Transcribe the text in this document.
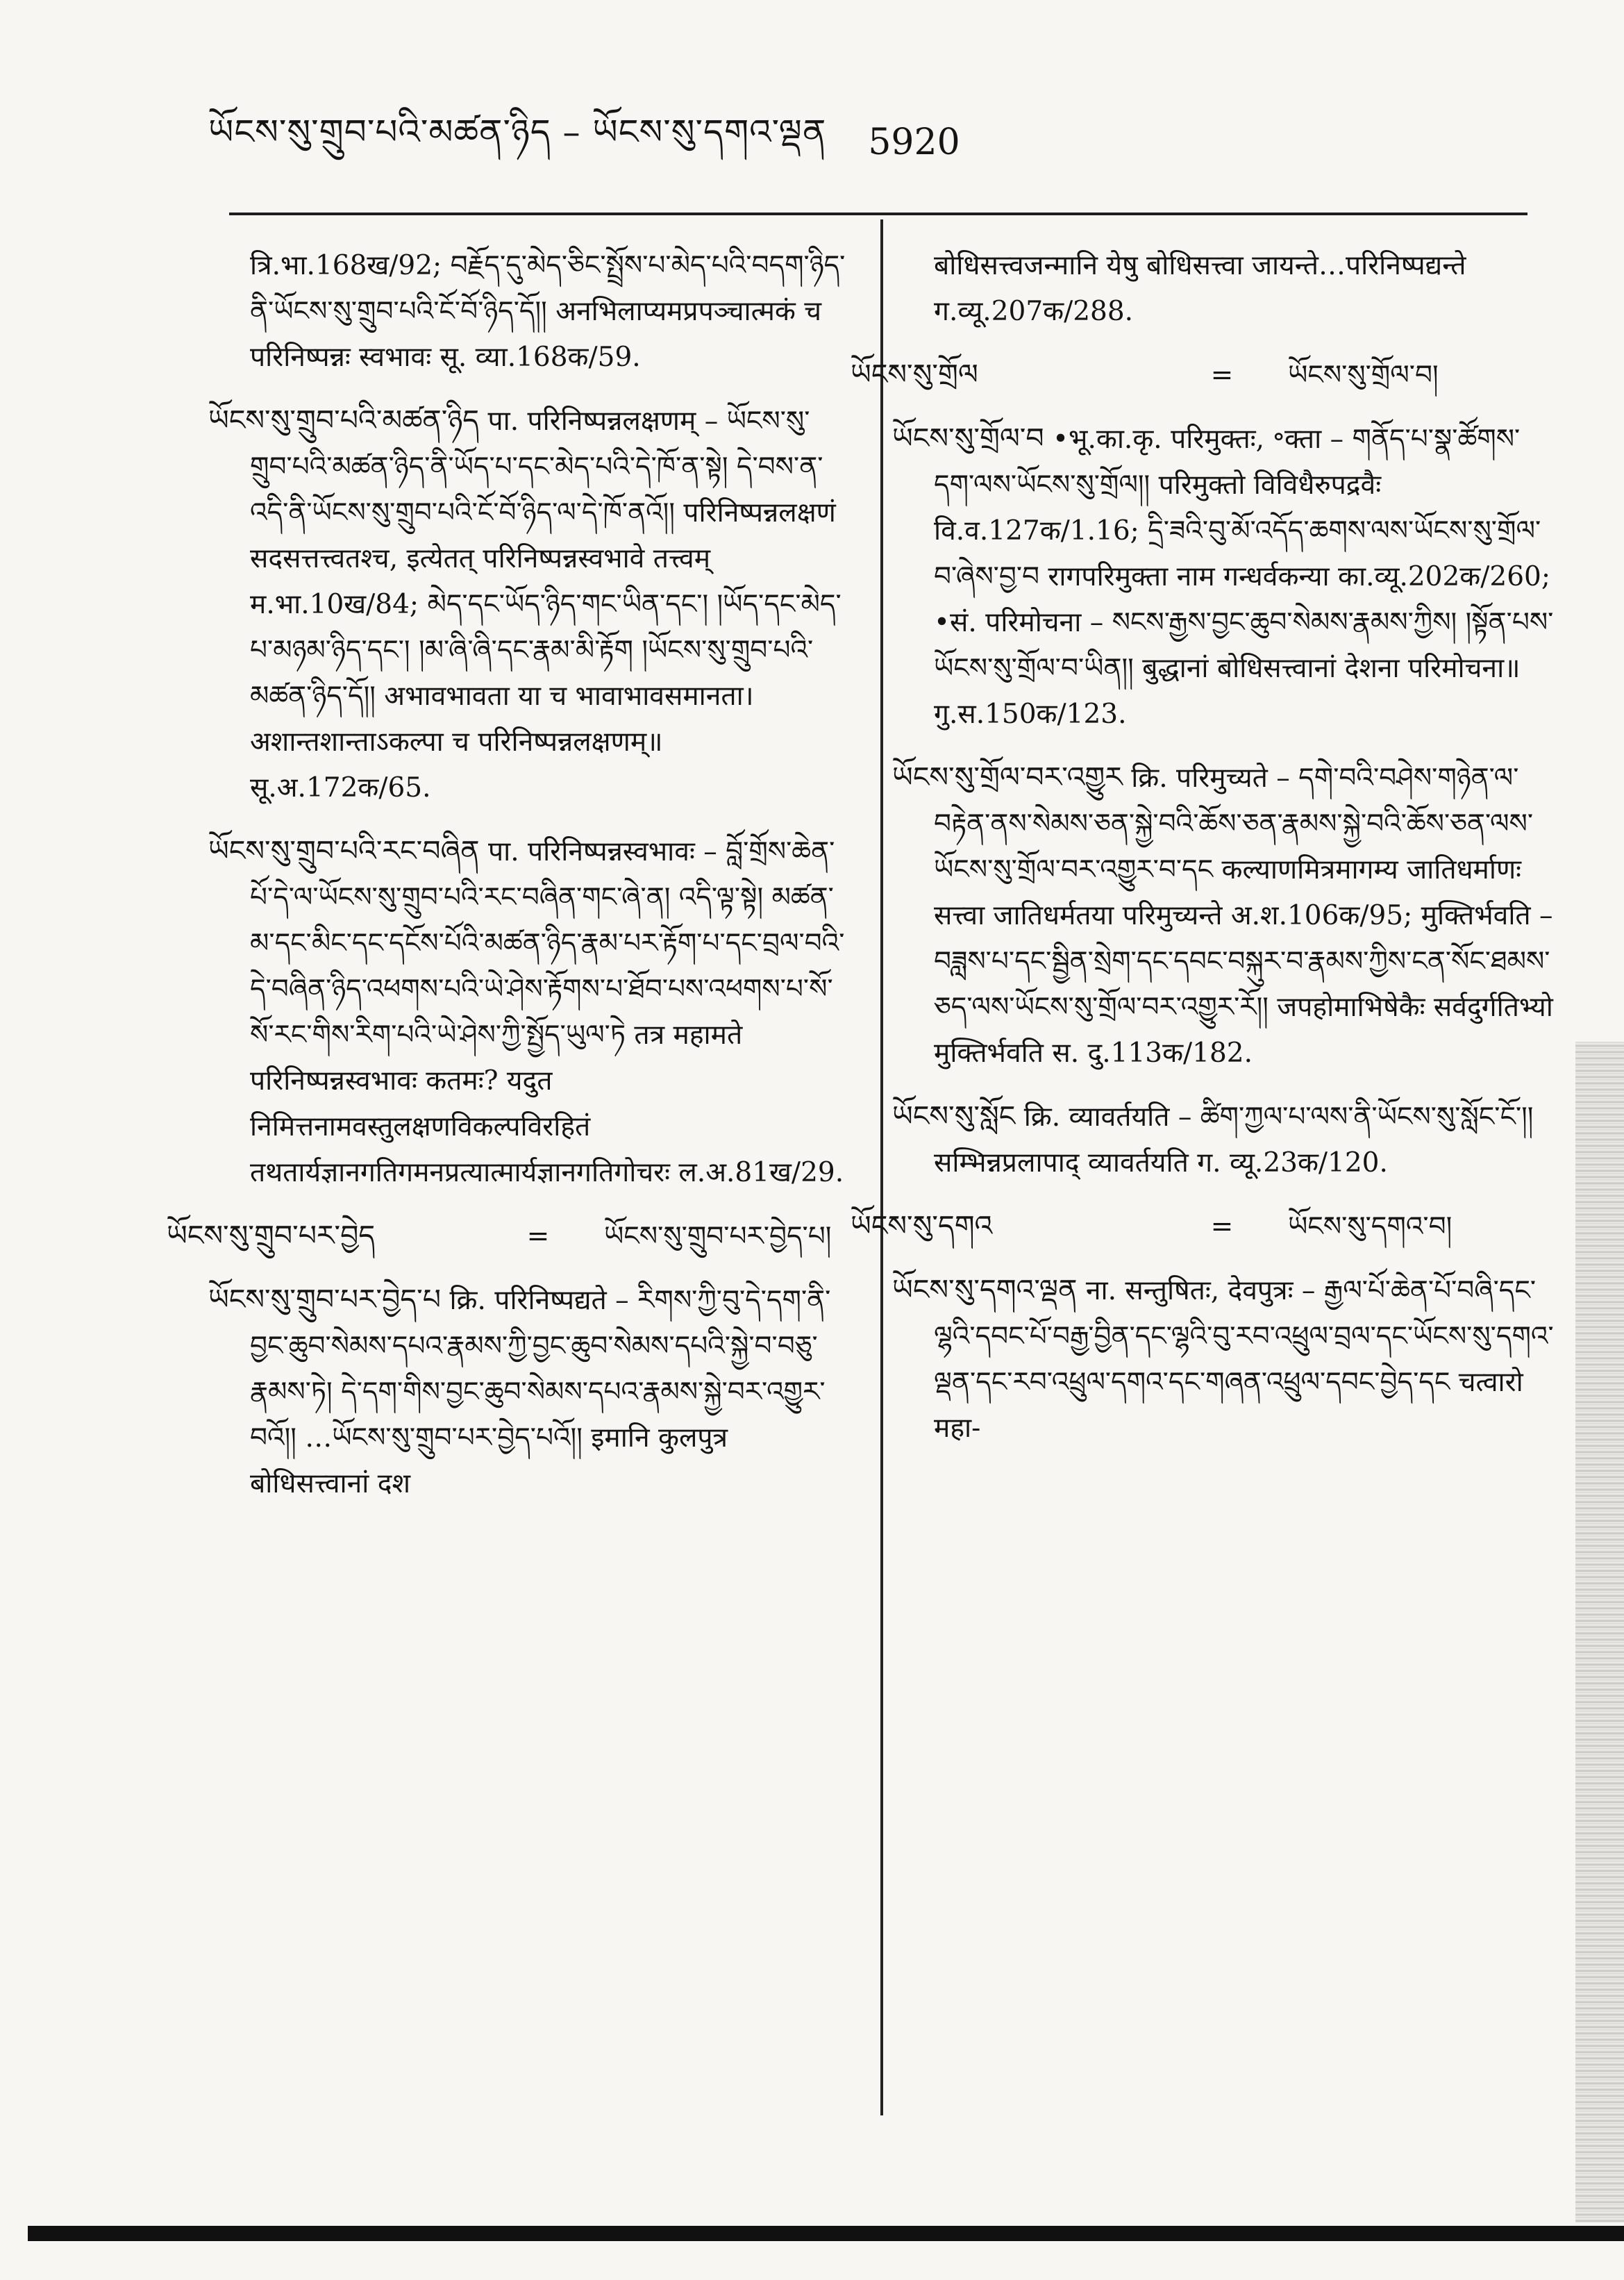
ཡོངས་སུ་གྲུབ་པའི་མཚན་ཉིད – ཡོངས་སུ་དགའ་ལྡན 5920
त्रि.भा.168ख/92; བརྗོད་དུ་མེད་ཅིང་སྤྲོས་པ་མེད་པའི་བདག་ཉིད་ནི་ཡོངས་སུ་གྲུབ་པའི་ངོ་བོ་ཉིད་དོ།། अनभिलाप्यमप्रपञ्चात्मकं च परिनिष्पन्नः स्वभावः सू. व्या.168क/59.
ཡོངས་སུ་གྲུབ་པའི་མཚན་ཉིད पा. परिनिष्पन्नलक्षणम् – ཡོངས་སུ་གྲུབ་པའི་མཚན་ཉིད་ནི་ཡོད་པ་དང་མེད་པའི་དེ་ཁོ་ན་སྟེ། དེ་བས་ན་འདི་ནི་ཡོངས་སུ་གྲུབ་པའི་ངོ་བོ་ཉིད་ལ་དེ་ཁོ་ནའོ།། परिनिष्पन्नलक्षणं सदसत्तत्त्वतश्च, इत्येतत् परिनिष्पन्नस्वभावे तत्त्वम् म.भा.10ख/84; མེད་དང་ཡོད་ཉིད་གང་ཡིན་དང་། །ཡོད་དང་མེད་པ་མཉམ་ཉིད་དང་། །མ་ཞི་ཞི་དང་རྣམ་མི་རྟོག །ཡོངས་སུ་གྲུབ་པའི་མཚན་ཉིད་དོ།། अभावभावता या च भावाभावसमानता। अशान्तशान्ताऽकल्पा च परिनिष्पन्नलक्षणम्॥ सू.अ.172क/65.
ཡོངས་སུ་གྲུབ་པའི་རང་བཞིན पा. परिनिष्पन्नस्वभावः – བློ་གྲོས་ཆེན་པོ་དེ་ལ་ཡོངས་སུ་གྲུབ་པའི་རང་བཞིན་གང་ཞེ་ན། འདི་ལྟ་སྟེ། མཚན་མ་དང་མིང་དང་དངོས་པོའི་མཚན་ཉིད་རྣམ་པར་རྟོག་པ་དང་བྲལ་བའི་དེ་བཞིན་ཉིད་འཕགས་པའི་ཡེ་ཤེས་རྟོགས་པ་ཐོབ་པས་འཕགས་པ་སོ་སོ་རང་གིས་རིག་པའི་ཡེ་ཤེས་ཀྱི་སྤྱོད་ཡུལ་ཏེ तत्र महामते परिनिष्पन्नस्वभावः कतमः? यदुत निमित्तनामवस्तुलक्षणविकल्पविरहितं तथतार्यज्ञानगतिगमनप्रत्यात्मार्यज्ञानगतिगोचरः ल.अ.81ख/29.
ཡོངས་སུ་གྲུབ་པར་བྱེད	= ཡོངས་སུ་གྲུབ་པར་བྱེད་པ།
ཡོངས་སུ་གྲུབ་པར་བྱེད་པ क्रि. परिनिष्पद्यते – རིགས་ཀྱི་བུ་དེ་དག་ནི་བྱང་ཆུབ་སེམས་དཔའ་རྣམས་ཀྱི་བྱང་ཆུབ་སེམས་དཔའི་སྐྱེ་བ་བཅུ་རྣམས་ཏེ། དེ་དག་གིས་བྱང་ཆུབ་སེམས་དཔའ་རྣམས་སྐྱེ་བར་འགྱུར་བའོ།། …ཡོངས་སུ་གྲུབ་པར་བྱེད་པའོ།། इमानि कुलपुत्र बोधिसत्त्वानां दश
बोधिसत्त्वजन्मानि येषु बोधिसत्त्वा जायन्ते…परिनिष्पद्यन्ते ग.व्यू.207क/288.
ཡོངས་སུ་གྲོལ	= ཡོངས་སུ་གྲོལ་བ།
ཡོངས་སུ་གྲོལ་བ •भू.का.कृ. परिमुक्तः, ॰क्ता – གནོད་པ་སྣ་ཚོགས་དག་ལས་ཡོངས་སུ་གྲོལ།། परिमुक्तो विविधैरुपद्रवैः वि.व.127क/1.16; དྲི་ཟའི་བུ་མོ་འདོད་ཆགས་ལས་ཡོངས་སུ་གྲོལ་བ་ཞེས་བྱ་བ रागपरिमुक्ता नाम गन्धर्वकन्या का.व्यू.202क/260; •सं. परिमोचना – སངས་རྒྱས་བྱང་ཆུབ་སེམས་རྣམས་ཀྱིས། །སྟོན་པས་ཡོངས་སུ་གྲོལ་བ་ཡིན།། बुद्धानां बोधिसत्त्वानां देशना परिमोचना॥ गु.स.150क/123.
ཡོངས་སུ་གྲོལ་བར་འགྱུར क्रि. परिमुच्यते – དགེ་བའི་བཤེས་གཉེན་ལ་བརྟེན་ནས་སེམས་ཅན་སྐྱེ་བའི་ཆོས་ཅན་རྣམས་སྐྱེ་བའི་ཆོས་ཅན་ལས་ཡོངས་སུ་གྲོལ་བར་འགྱུར་བ་དང कल्याणमित्रमागम्य जातिधर्माणः सत्त्वा जातिधर्मतया परिमुच्यन्ते अ.श.106क/95; मुक्तिर्भवति – བཟླས་པ་དང་སྦྱིན་སྲེག་དང་དབང་བསྐུར་བ་རྣམས་ཀྱིས་ངན་སོང་ཐམས་ཅད་ལས་ཡོངས་སུ་གྲོལ་བར་འགྱུར་རོ།། जपहोमाभिषेकैः सर्वदुर्गतिभ्यो मुक्तिर्भवति स. दु.113क/182.
ཡོངས་སུ་སློང क्रि. व्यावर्तयति – ཚིག་ཀྱལ་པ་ལས་ནི་ཡོངས་སུ་སློང་ངོ་།། सम्भिन्नप्रलापाद् व्यावर्तयति ग. व्यू.23क/120.
ཡོངས་སུ་དགའ	= ཡོངས་སུ་དགའ་བ།
ཡོངས་སུ་དགའ་ལྡན ना. सन्तुषितः, देवपुत्रः – རྒྱལ་པོ་ཆེན་པོ་བཞི་དང་ལྷའི་དབང་པོ་བརྒྱ་བྱིན་དང་ལྷའི་བུ་རབ་འཕྲུལ་བྲལ་དང་ཡོངས་སུ་དགའ་ལྡན་དང་རབ་འཕྲུལ་དགའ་དང་གཞན་འཕྲུལ་དབང་བྱེད་དང चत्वारो महा-
